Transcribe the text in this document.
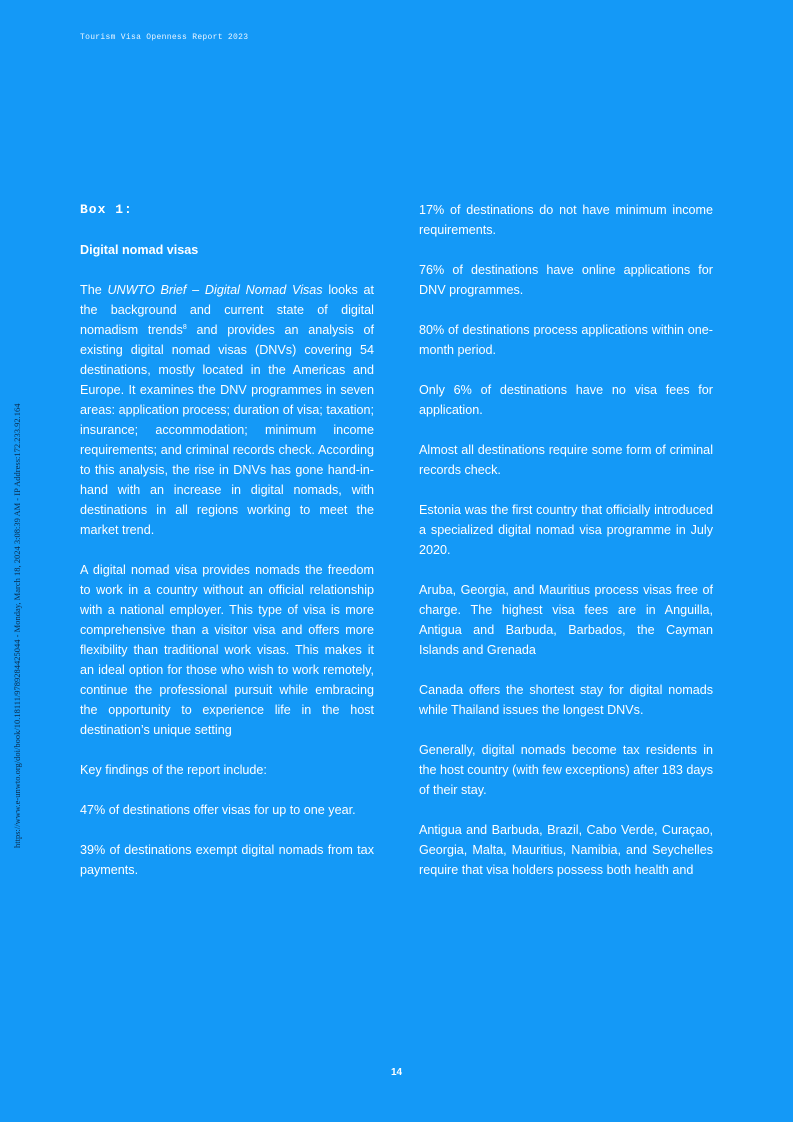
Tourism Visa Openness Report 2023
https://www.e-unwto.org/doi/book/10.18111/9789284425044 - Monday, March 18, 2024 3:08:39 AM - IP Address:172.233.92.164
Box 1:
Digital nomad visas

The UNWTO Brief – Digital Nomad Visas looks at the background and current state of digital nomadism trends$^8$ and provides an analysis of existing digital nomad visas (DNVs) covering 54 destinations, mostly located in the Americas and Europe. It examines the DNV programmes in seven areas: application process; duration of visa; taxation; insurance; accommodation; minimum income requirements; and criminal records check. According to this analysis, the rise in DNVs has gone hand-in-hand with an increase in digital nomads, with destinations in all regions working to meet the market trend.

A digital nomad visa provides nomads the freedom to work in a country without an official relationship with a national employer. This type of visa is more comprehensive than a visitor visa and offers more flexibility than traditional work visas. This makes it an ideal option for those who wish to work remotely, continue the professional pursuit while embracing the opportunity to experience life in the host destination’s unique setting

Key findings of the report include:

47% of destinations offer visas for up to one year.

39% of destinations exempt digital nomads from tax payments.

17% of destinations do not have minimum income requirements.

76% of destinations have online applications for DNV programmes.

80% of destinations process applications within one-month period.

Only 6% of destinations have no visa fees for application.

Almost all destinations require some form of criminal records check.

Estonia was the first country that officially introduced a specialized digital nomad visa programme in July 2020.

Aruba, Georgia, and Mauritius process visas free of charge. The highest visa fees are in Anguilla, Antigua and Barbuda, Barbados, the Cayman Islands and Grenada

Canada offers the shortest stay for digital nomads while Thailand issues the longest DNVs.

Generally, digital nomads become tax residents in the host country (with few exceptions) after 183 days of their stay.

Antigua and Barbuda, Brazil, Cabo Verde, Curaçao, Georgia, Malta, Mauritius, Namibia, and Seychelles require that visa holders possess both health and

14
